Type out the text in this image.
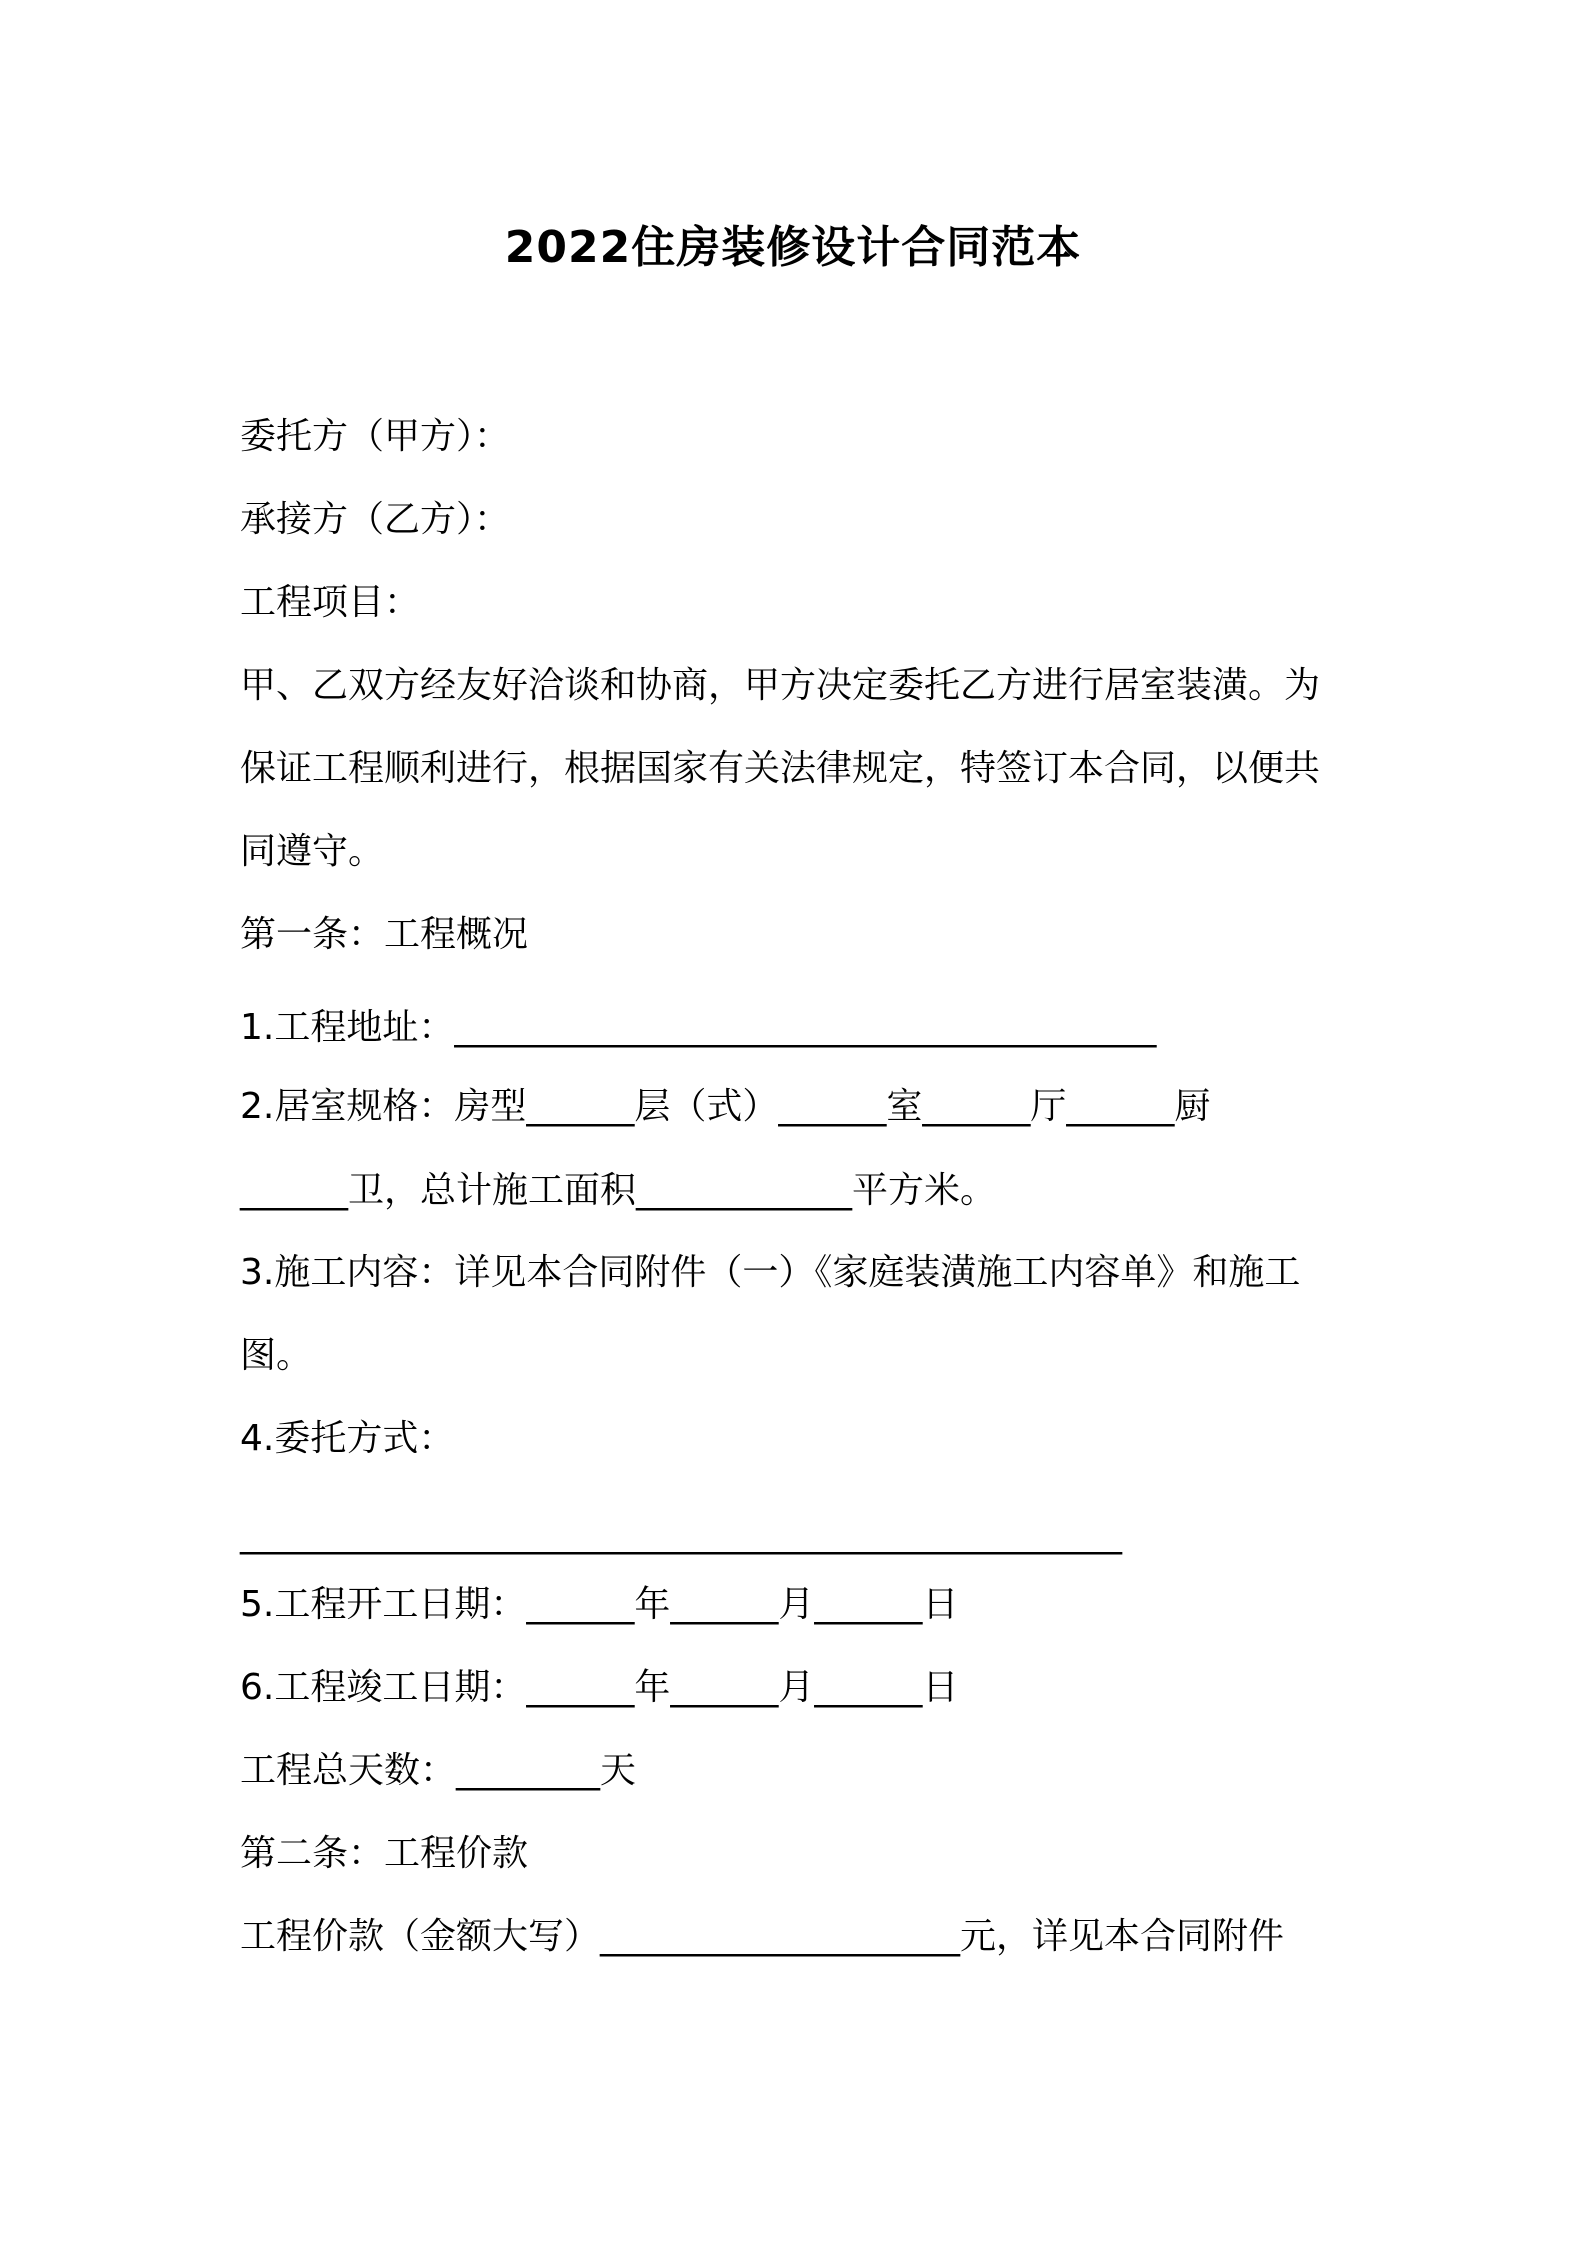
2022住房装修设计合同范本
委托方（甲方）：
承接方（乙方）：
工程项目：
甲、乙双方经友好洽谈和协商，甲方决定委托乙方进行居室装潢。为
保证工程顺利进行，根据国家有关法律规定，特签订本合同，以便共
同遵守。
第一条：工程概况
1.工程地址：_______________________________________
2.居室规格：房型______层（式）______室______厅______厨
______卫，总计施工面积____________平方米。
3.施工内容：详见本合同附件（一）《家庭装潢施工内容单》和施工
图。
4.委托方式：
_________________________________________________
5.工程开工日期：______年______月______日
6.工程竣工日期：______年______月______日
工程总天数：________天
第二条：工程价款
工程价款（金额大写）____________________元，详见本合同附件
